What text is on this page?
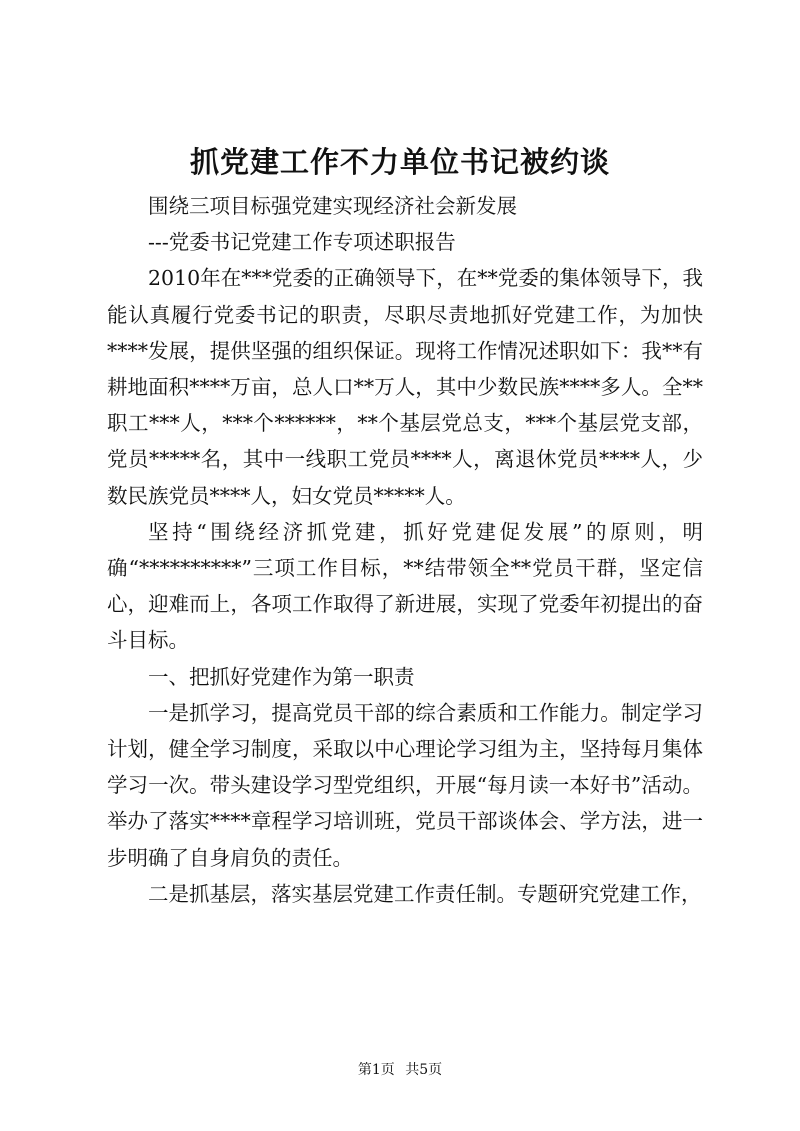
抓党建工作不力单位书记被约谈

围绕三项目标强党建实现经济社会新发展

---党委书记党建工作专项述职报告

2010年在***党委的正确领导下，在**党委的集体领导下，我能认真履行党委书记的职责，尽职尽责地抓好党建工作，为加快****发展，提供坚强的组织保证。现将工作情况述职如下：我**有耕地面积****万亩，总人口**万人，其中少数民族****多人。全**职工***人，***个******，**个基层党总支，***个基层党支部，党员*****名，其中一线职工党员****人，离退休党员****人，少数民族党员****人，妇女党员*****人。

坚持“围绕经济抓党建，抓好党建促发展”的原则，明确“**********”三项工作目标，**结带领全**党员干群，坚定信心，迎难而上，各项工作取得了新进展，实现了党委年初提出的奋斗目标。

一、把抓好党建作为第一职责

一是抓学习，提高党员干部的综合素质和工作能力。制定学习计划，健全学习制度，采取以中心理论学习组为主，坚持每月集体学习一次。带头建设学习型党组织，开展“每月读一本好书”活动。举办了落实****章程学习培训班，党员干部谈体会、学方法，进一步明确了自身肩负的责任。

二是抓基层，落实基层党建工作责任制。专题研究党建工作，

第1页 共5页
